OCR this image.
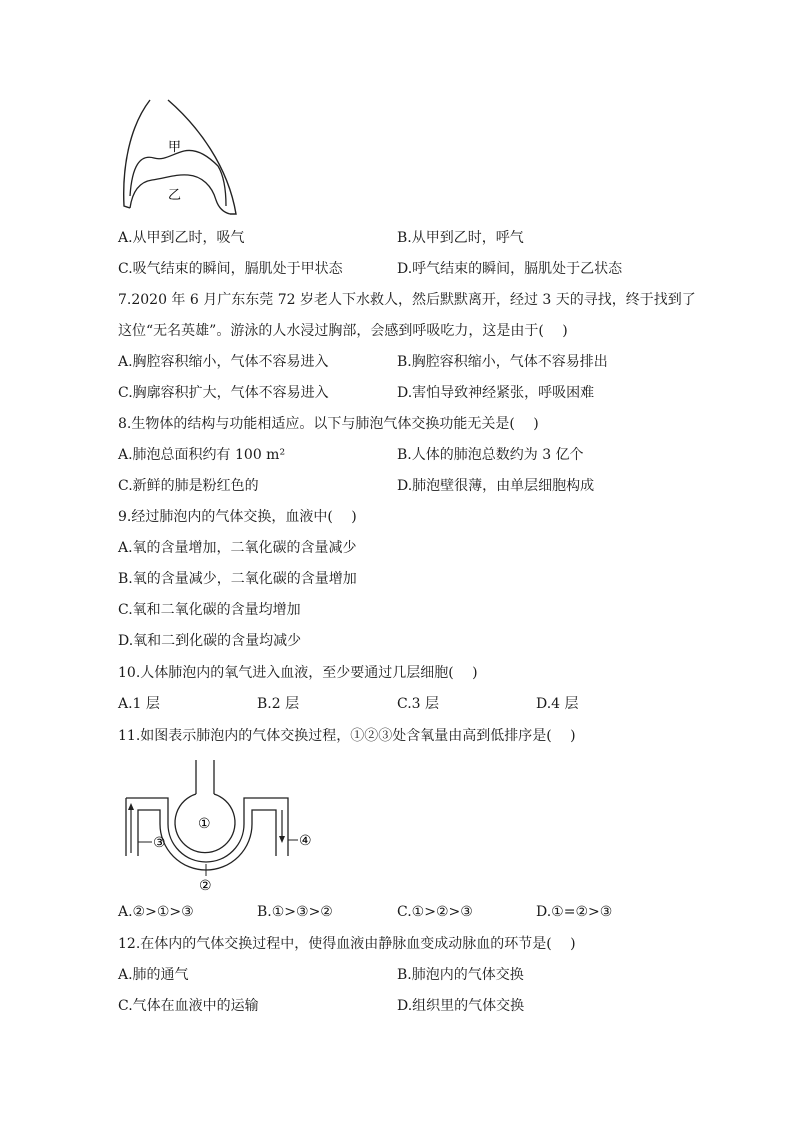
甲
乙
A.从甲到乙时，吸气	B.从甲到乙时，呼气
C.吸气结束的瞬间，膈肌处于甲状态	D.呼气结束的瞬间，膈肌处于乙状态
7.2020 年 6 月广东东莞 72 岁老人下水救人，然后默默离开，经过 3 天的寻找，终于找到了
这位“无名英雄”。游泳的人水浸过胸部，会感到呼吸吃力，这是由于(　 )
A.胸腔容积缩小，气体不容易进入	B.胸腔容积缩小，气体不容易排出
C.胸廓容积扩大，气体不容易进入	D.害怕导致神经紧张，呼吸困难
8.生物体的结构与功能相适应。以下与肺泡气体交换功能无关是(　 )
A.肺泡总面积约有 100 m²	B.人体的肺泡总数约为 3 亿个
C.新鲜的肺是粉红色的	D.肺泡壁很薄，由单层细胞构成
9.经过肺泡内的气体交换，血液中(　 )
A.氧的含量增加，二氧化碳的含量减少
B.氧的含量减少，二氧化碳的含量增加
C.氧和二氧化碳的含量均增加
D.氧和二到化碳的含量均减少
10.人体肺泡内的氧气进入血液，至少要通过几层细胞(　 )
A.1 层	B.2 层	C.3 层	D.4 层
11.如图表示肺泡内的气体交换过程，①②③处含氧量由高到低排序是(　 )
①
②
③	④
A.②>①>③	B.①>③>②	C.①>②>③	D.①=②>③
12.在体内的气体交换过程中，使得血液由静脉血变成动脉血的环节是(　 )
A.肺的通气	B.肺泡内的气体交换
C.气体在血液中的运输	D.组织里的气体交换
